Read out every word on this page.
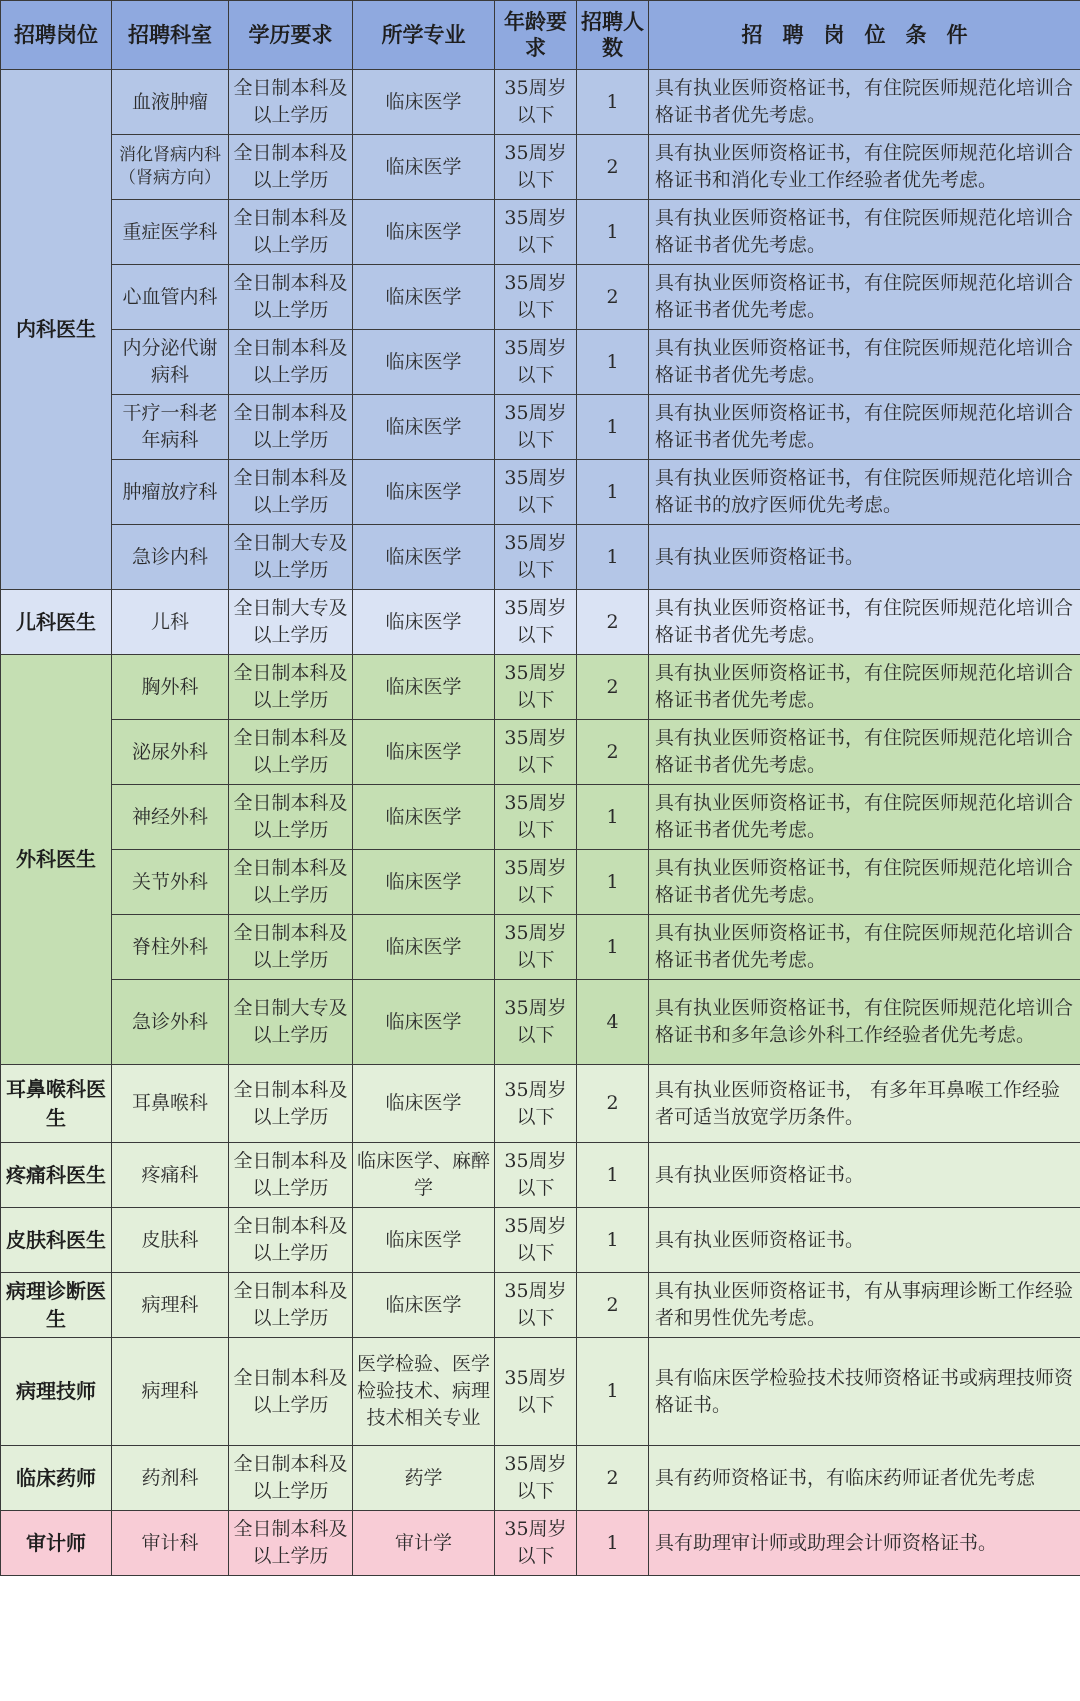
招聘岗位	招聘科室	学历要求	所学专业	年龄要求	招聘人数	招聘岗位条件
内科医生	血液肿瘤	全日制本科及以上学历	临床医学	35周岁以下	1	具有执业医师资格证书，有住院医师规范化培训合格证书者优先考虑。
	消化肾病内科（肾病方向）	全日制本科及以上学历	临床医学	35周岁以下	2	具有执业医师资格证书，有住院医师规范化培训合格证书和消化专业工作经验者优先考虑。
	重症医学科	全日制本科及以上学历	临床医学	35周岁以下	1	具有执业医师资格证书，有住院医师规范化培训合格证书者优先考虑。
	心血管内科	全日制本科及以上学历	临床医学	35周岁以下	2	具有执业医师资格证书，有住院医师规范化培训合格证书者优先考虑。
	内分泌代谢病科	全日制本科及以上学历	临床医学	35周岁以下	1	具有执业医师资格证书，有住院医师规范化培训合格证书者优先考虑。
	干疗一科老年病科	全日制本科及以上学历	临床医学	35周岁以下	1	具有执业医师资格证书，有住院医师规范化培训合格证书者优先考虑。
	肿瘤放疗科	全日制本科及以上学历	临床医学	35周岁以下	1	具有执业医师资格证书，有住院医师规范化培训合格证书的放疗医师优先考虑。
	急诊内科	全日制大专及以上学历	临床医学	35周岁以下	1	具有执业医师资格证书。
儿科医生	儿科	全日制大专及以上学历	临床医学	35周岁以下	2	具有执业医师资格证书，有住院医师规范化培训合格证书者优先考虑。
外科医生	胸外科	全日制本科及以上学历	临床医学	35周岁以下	2	具有执业医师资格证书，有住院医师规范化培训合格证书者优先考虑。
	泌尿外科	全日制本科及以上学历	临床医学	35周岁以下	2	具有执业医师资格证书，有住院医师规范化培训合格证书者优先考虑。
	神经外科	全日制本科及以上学历	临床医学	35周岁以下	1	具有执业医师资格证书，有住院医师规范化培训合格证书者优先考虑。
	关节外科	全日制本科及以上学历	临床医学	35周岁以下	1	具有执业医师资格证书，有住院医师规范化培训合格证书者优先考虑。
	脊柱外科	全日制本科及以上学历	临床医学	35周岁以下	1	具有执业医师资格证书，有住院医师规范化培训合格证书者优先考虑。
	急诊外科	全日制大专及以上学历	临床医学	35周岁以下	4	具有执业医师资格证书，有住院医师规范化培训合格证书和多年急诊外科工作经验者优先考虑。
耳鼻喉科医生	耳鼻喉科	全日制本科及以上学历	临床医学	35周岁以下	2	具有执业医师资格证书， 有多年耳鼻喉工作经验者可适当放宽学历条件。
疼痛科医生	疼痛科	全日制本科及以上学历	临床医学、麻醉学	35周岁以下	1	具有执业医师资格证书。
皮肤科医生	皮肤科	全日制本科及以上学历	临床医学	35周岁以下	1	具有执业医师资格证书。
病理诊断医生	病理科	全日制本科及以上学历	临床医学	35周岁以下	2	具有执业医师资格证书，有从事病理诊断工作经验者和男性优先考虑。
病理技师	病理科	全日制本科及以上学历	医学检验、医学检验技术、病理技术相关专业	35周岁以下	1	具有临床医学检验技术技师资格证书或病理技师资格证书。
临床药师	药剂科	全日制本科及以上学历	药学	35周岁以下	2	具有药师资格证书，有临床药师证者优先考虑
审计师	审计科	全日制本科及以上学历	审计学	35周岁以下	1	具有助理审计师或助理会计师资格证书。
